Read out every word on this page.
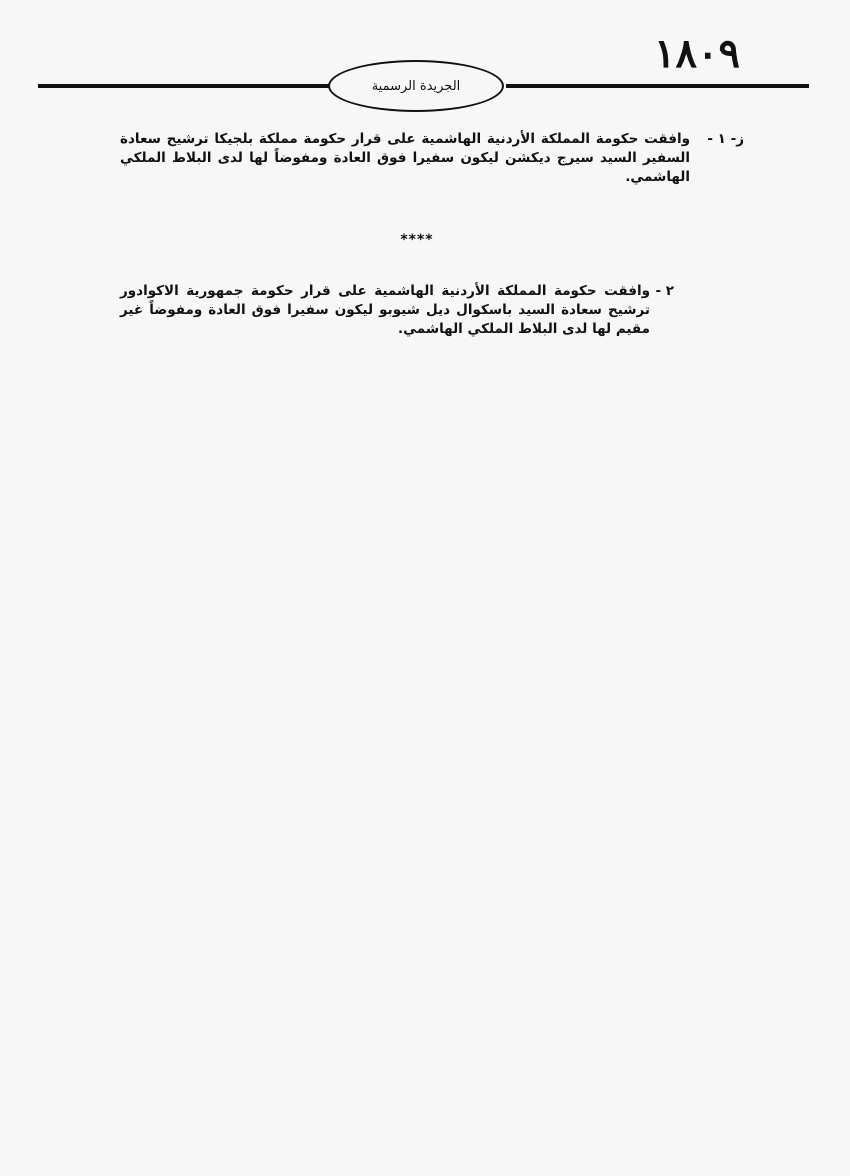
١٨٠٩
الجريدة الرسمية
ز- ١ -
وافقت حكومة المملكة الأردنية الهاشمية على قرار حكومة مملكة بلجيكا ترشيح سعادة السفير السيد سيرج ديكشن ليكون سفيرا فوق العادة ومفوضاً لها لدى البلاط الملكي الهاشمي.
****
٢ -
وافقت حكومة المملكة الأردنية الهاشمية على قرار حكومة جمهورية الاكوادور ترشيح سعادة السيد باسكوال ديل شيوبو ليكون سفيرا فوق العادة ومفوضاً غير مقيم لها لدى البلاط الملكي الهاشمي.
